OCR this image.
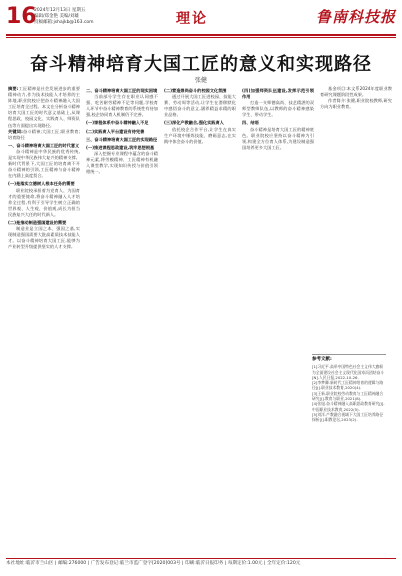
16
2024年12月13日 星期五
编辑/郑金艳 美编/刘雄
投稿邮箱:jshajkb@163.com	理论	鲁南科技报
奋斗精神培育大国工匠的意义和实现路径
张健

摘要:工匠精神是社会发展进步的重要精神动力,作为技术技能人才培养的主阵地,职业院校应把奋斗精神融入大国工匠培育全过程。本文在分析奋斗精神培育大国工匠的时代意义基础上,从课程思政、校园文化、实践育人、师资队伍等方面提出实现路径。

关键词:奋斗精神;大国工匠;职业教育;培育路径

一、奋斗精神培育大国工匠的时代意义

奋斗精神是中华民族的优秀传统,是实现中华民族伟大复兴的精神支撑。新时代背景下,大国工匠的培育离不开奋斗精神的引领,工匠精神与奋斗精神在内涵上高度契合。

(一)是落实立德树人根本任务的需要

职业院校承担着为党育人、为国育才的重要使命,将奋斗精神融入人才培养全过程,有利于引导学生树立正确的世界观、人生观、价值观,成长为担当民族复兴大任的时代新人。

(二)是推动制造强国建设的需要

制造业是立国之本、强国之基,实现制造强国需要大批高素质技术技能人才。以奋斗精神培育大国工匠,能够为产业转型升级提供坚实的人才支撑。

二、奋斗精神培育大国工匠的现实困境

当前部分学生存在职业认同感不强、吃苦耐劳精神不足等问题,学校育人环节中奋斗精神教育的系统性有待加强,校企协同育人机制仍不完善。

(一)课程体系中奋斗精神融入不足

(二)实践育人平台建设有待完善

三、奋斗精神培育大国工匠的实现路径

(一)推进课程思政建设,筑牢思想根基

深入挖掘专业课程中蕴含的奋斗精神元素,将劳模精神、工匠精神有机融入课堂教学,实现知识传授与价值引领相统一。

(二)营造崇尚奋斗的校园文化氛围

通过开展大国工匠进校园、技能大赛、劳动周等活动,让学生在潜移默化中感悟奋斗的意义,涵养精益求精的职业品格。

(三)深化产教融合,强化实践育人

依托校企合作平台,让学生在真实生产环境中锤炼技能、磨砺意志,在实践中体会奋斗的价值。

(四)加强师资队伍建设,发挥示范引领作用

打造一支师德高尚、技艺精湛的双师型教师队伍,以教师的奋斗精神感染学生、带动学生。

四、结语

奋斗精神是培育大国工匠的精神底色。职业院校应坚持以奋斗精神为引领,构建全方位育人体系,为建设制造强国培养更多大国工匠。

基金项目:本文系2024年度职业教育研究课题阶段性成果。

作者简介:张健,职业院校教师,研究方向为职业教育。

参考文献:
[1]习近平.高举中国特色社会主义伟大旗帜 为全面建设社会主义现代化国家而团结奋斗[N].人民日报,2022-10-26.
[2]李梦卿.新时代工匠精神培育的逻辑与路径[J].职业技术教育,2020(4).
[3]王新.职业院校劳动教育与工匠精神融合研究[J].教育与职业,2021(8).
[4]张旭.奋斗精神融入高职思政教育研究[J].中国职业技术教育,2022(5).
[5]刘洋.产教融合视域下大国工匠培养路径探析[J].职教论坛,2023(2).
本社地址:临沂市兰山区 | 邮编:276000 | 广告发布登记:临兰市监广登字[2020]003号 | 印刷:临沂日报印务 | 每期定价:1.00元 | 全年定价:120元
